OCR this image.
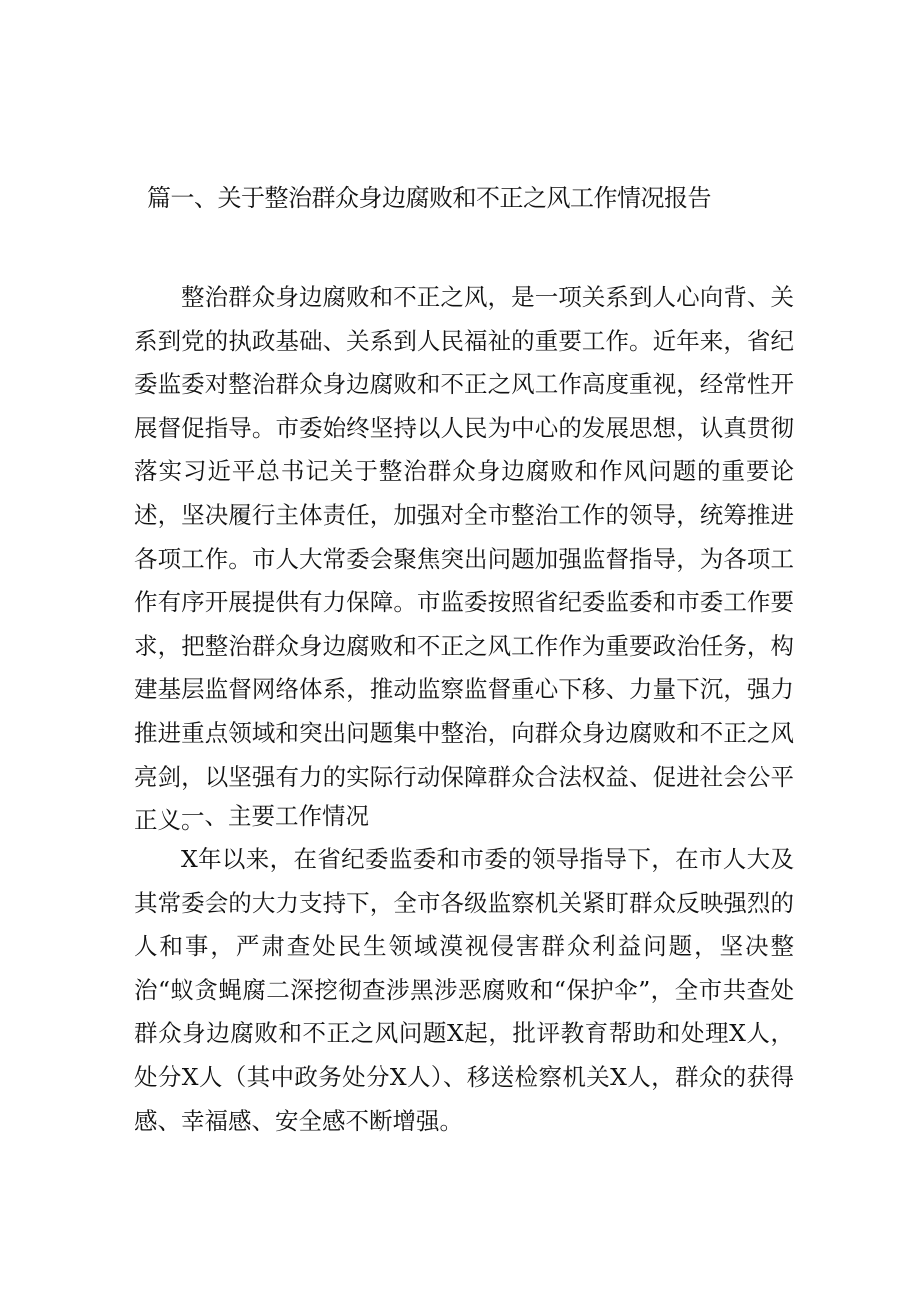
篇一、关于整治群众身边腐败和不正之风工作情况报告

整治群众身边腐败和不正之风，是一项关系到人心向背、关系到党的执政基础、关系到人民福祉的重要工作。近年来，省纪委监委对整治群众身边腐败和不正之风工作高度重视，经常性开展督促指导。市委始终坚持以人民为中心的发展思想，认真贯彻落实习近平总书记关于整治群众身边腐败和作风问题的重要论述，坚决履行主体责任，加强对全市整治工作的领导，统筹推进各项工作。市人大常委会聚焦突出问题加强监督指导，为各项工作有序开展提供有力保障。市监委按照省纪委监委和市委工作要求，把整治群众身边腐败和不正之风工作作为重要政治任务，构建基层监督网络体系，推动监察监督重心下移、力量下沉，强力推进重点领域和突出问题集中整治，向群众身边腐败和不正之风亮剑，以坚强有力的实际行动保障群众合法权益、促进社会公平正义。

一、主要工作情况

X年以来，在省纪委监委和市委的领导指导下，在市人大及其常委会的大力支持下，全市各级监察机关紧盯群众反映强烈的人和事，严肃查处民生领域漠视侵害群众利益问题，坚决整治“蚁贪蝇腐二深挖彻查涉黑涉恶腐败和“保护伞”，全市共查处群众身边腐败和不正之风问题X起，批评教育帮助和处理X人，处分X人（其中政务处分X人）、移送检察机关X人，群众的获得感、幸福感、安全感不断增强。
